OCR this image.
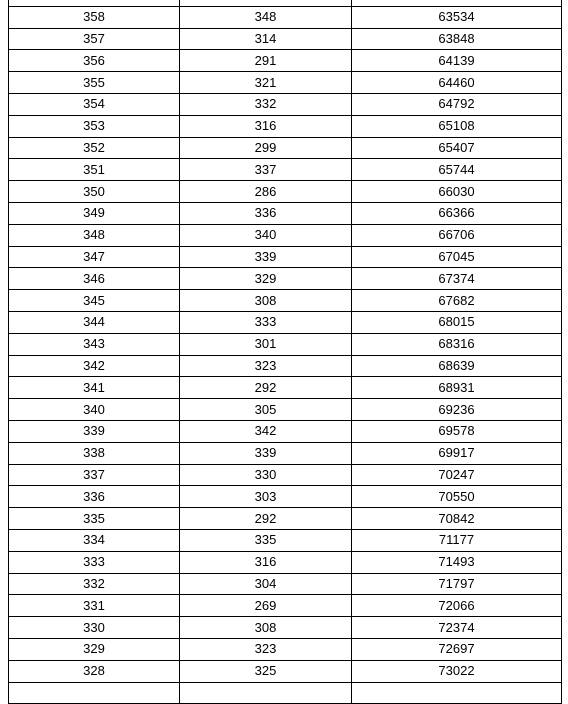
358	348	63534
357	314	63848
356	291	64139
355	321	64460
354	332	64792
353	316	65108
352	299	65407
351	337	65744
350	286	66030
349	336	66366
348	340	66706
347	339	67045
346	329	67374
345	308	67682
344	333	68015
343	301	68316
342	323	68639
341	292	68931
340	305	69236
339	342	69578
338	339	69917
337	330	70247
336	303	70550
335	292	70842
334	335	71177
333	316	71493
332	304	71797
331	269	72066
330	308	72374
329	323	72697
328	325	73022
